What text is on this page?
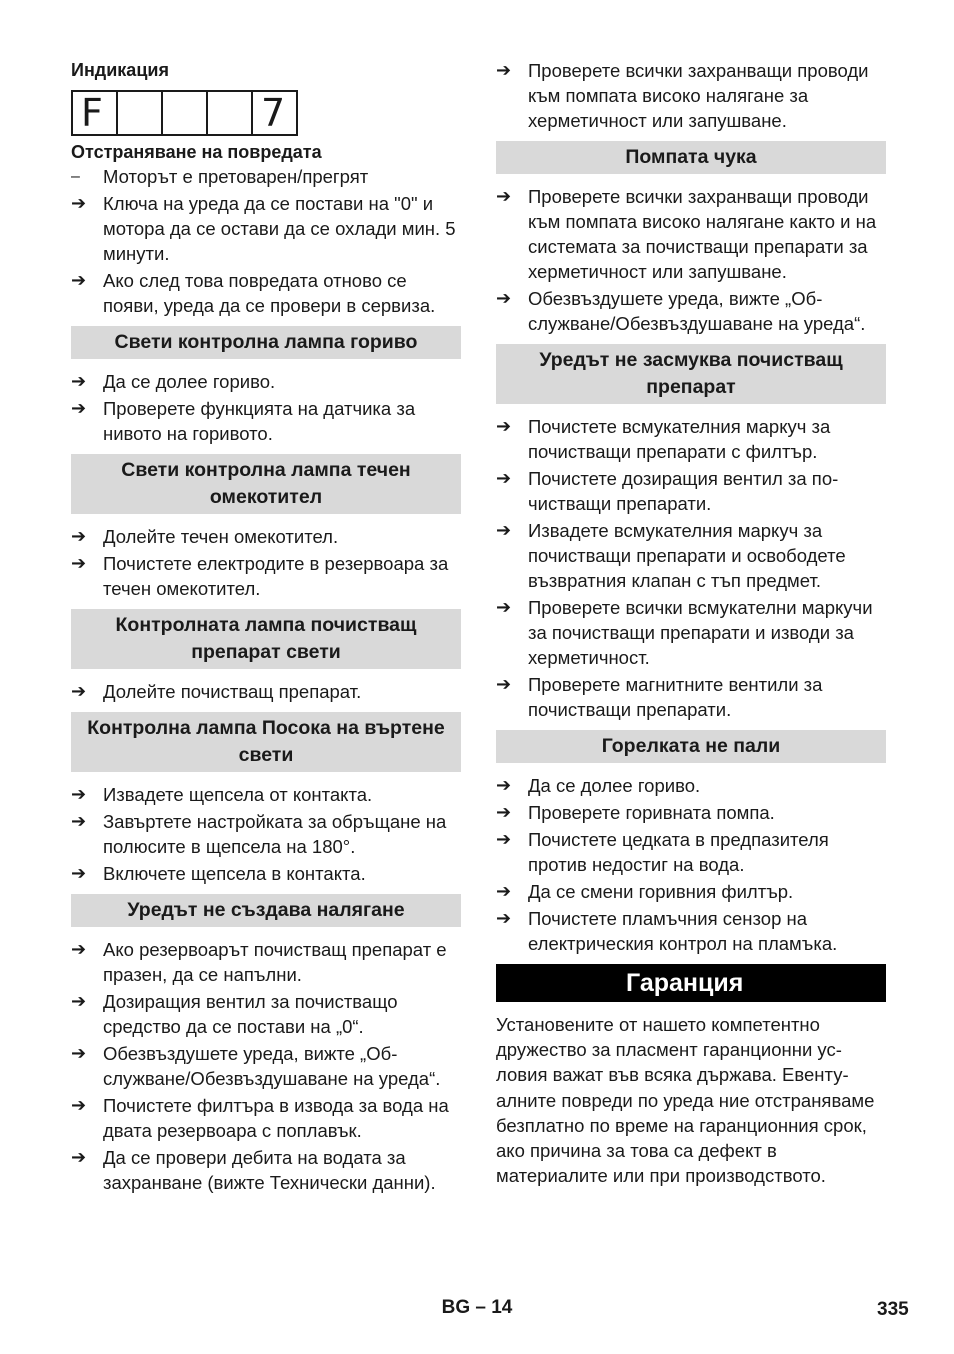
Индикация

F	7

Отстраняване на повредата

– Моторът е претоварен/прегрят
➔ Ключа на уреда да се постави на "0" и мотора да се остави да се охлади мин. 5 минути.
➔ Ако след това повредата отново се появи, уреда да се провери в сервиза.
Свети контролна лампа гориво
➔ Да се долее гориво.
➔ Проверете функцията на датчика за нивото на горивото.
Свети контролна лампа течен омекотител
➔ Долейте течен омекотител.
➔ Почистете електродите в резервоара за течен омекотител.
Контролната лампа почистващ препарат свети
➔ Долейте почистващ препарат.
Контролна лампа Посока на въртене свети
➔ Извадете щепсела от контакта.
➔ Завъртете настройката за обръщане на полюсите в щепсела на 180°.
➔ Включете щепсела в контакта.
Уредът не създава налягане
➔ Ако резервоарът почистващ препарат е празен, да се напълни.
➔ Дозиращия вентил за почистващо средство да се постави на „0“.
➔ Обезвъздушете уреда, вижте „Обслужване/Обезвъздушаване на уреда“.
➔ Почистете филтъра в извода за вода на двата резервоара с поплавък.
➔ Да се провери дебита на водата за захранване (вижте Технически данни).
➔ Проверете всички захранващи проводи към помпата високо налягане за херметичност или запушване.
Помпата чука
➔ Проверете всички захранващи проводи към помпата високо налягане както и на системата за почистващи препарати за херметичност или запушване.
➔ Обезвъздушете уреда, вижте „Обслужване/Обезвъздушаване на уреда“.
Уредът не засмуква почистващ препарат
➔ Почистете всмукателния маркуч за почистващи препарати с филтър.
➔ Почистете дозиращия вентил за почистващи препарати.
➔ Извадете всмукателния маркуч за почистващи препарати и освободете възвратния клапан с тъп предмет.
➔ Проверете всички всмукателни маркучи за почистващи препарати и изводи за херметичност.
➔ Проверете магнитните вентили за почистващи препарати.
Горелката не пали
➔ Да се долее гориво.
➔ Проверете горивната помпа.
➔ Почистете цедката в предпазителя против недостиг на вода.
➔ Да се смени горивния филтър.
➔ Почистете пламъчния сензор на електрическия контрол на пламъка.
Гаранция

Установените от нашето компетентно дружество за пласмент гаранционни условия важат във всяка държава. Евентуалните повреди по уреда ние отстраняваме безплатно по време на гаранционния срок, ако причина за това са дефект в материалите или при производството.

BG – 14	335
